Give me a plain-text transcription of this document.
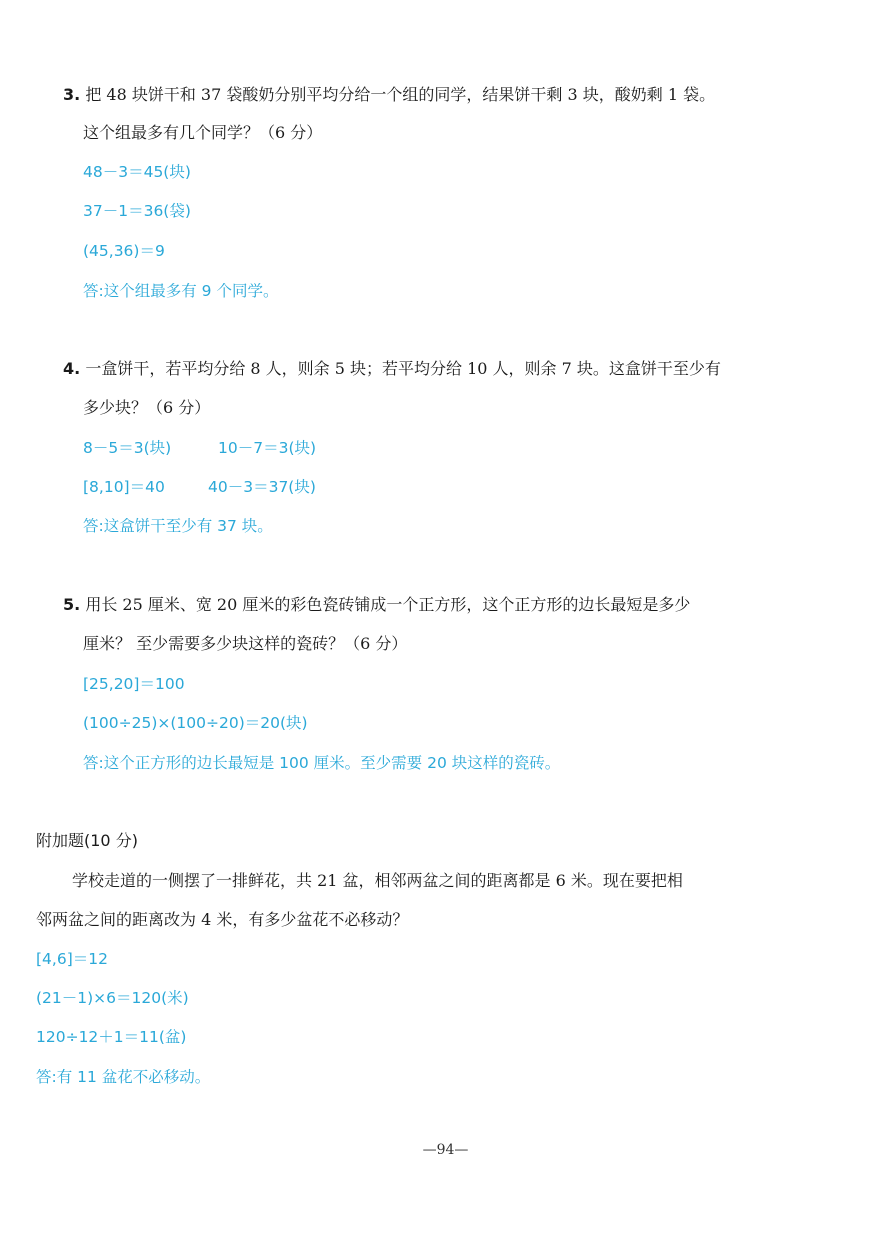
3. 把 48 块饼干和 37 袋酸奶分别平均分给一个组的同学，结果饼干剩 3 块，酸奶剩 1 袋。
这个组最多有几个同学？（6 分）
48－3＝45(块)
37－1＝36(袋)
(45,36)＝9
答:这个组最多有 9 个同学。
4. 一盒饼干，若平均分给 8 人，则余 5 块；若平均分给 10 人，则余 7 块。这盒饼干至少有
多少块？（6 分）
8－5＝3(块)	10－7＝3(块)
[8,10]＝40	40－3＝37(块)
答:这盒饼干至少有 37 块。
5. 用长 25 厘米、宽 20 厘米的彩色瓷砖铺成一个正方形，这个正方形的边长最短是多少
厘米？ 至少需要多少块这样的瓷砖？（6 分）
[25,20]＝100
(100÷25)×(100÷20)＝20(块)
答:这个正方形的边长最短是 100 厘米。至少需要 20 块这样的瓷砖。
附加题(10 分)
学校走道的一侧摆了一排鲜花，共 21 盆，相邻两盆之间的距离都是 6 米。现在要把相
邻两盆之间的距离改为 4 米，有多少盆花不必移动？
[4,6]＝12
(21－1)×6＝120(米)
120÷12＋1＝11(盆)
答:有 11 盆花不必移动。
—94—
